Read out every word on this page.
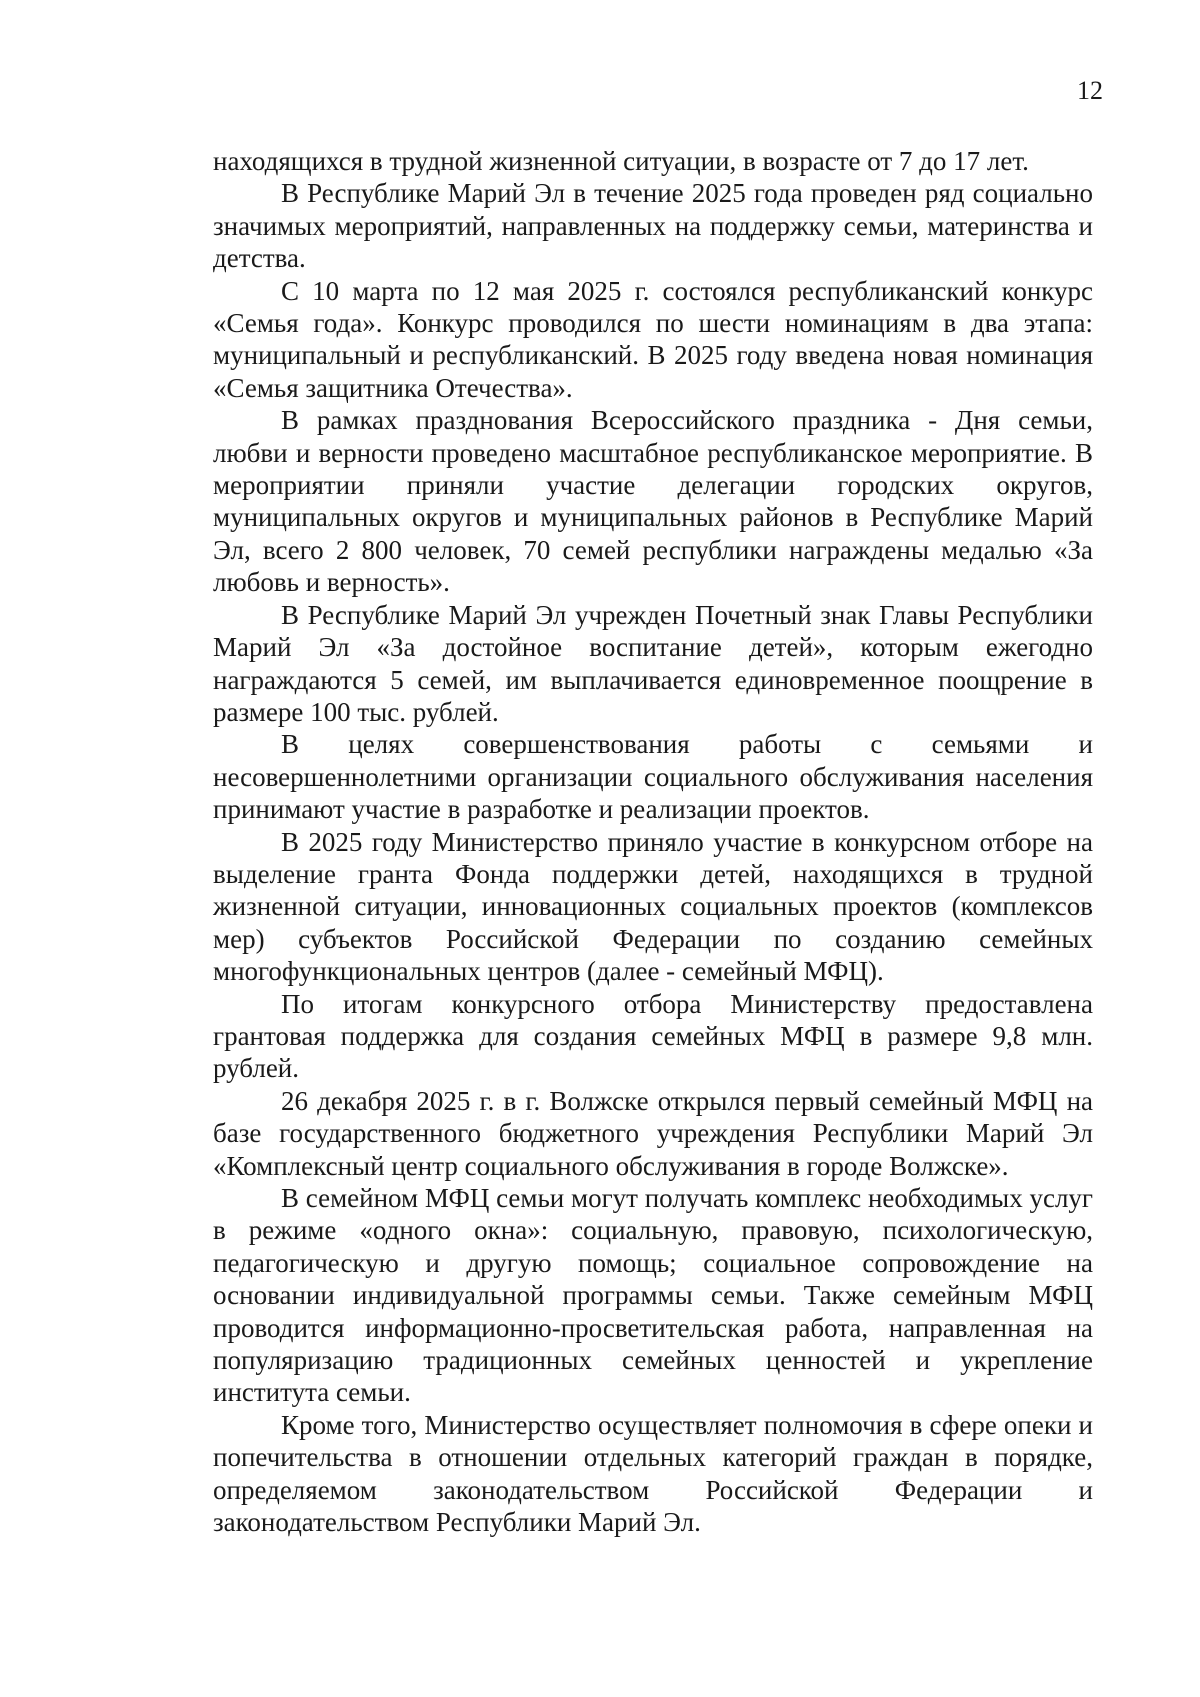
12

находящихся в трудной жизненной ситуации, в возрасте от 7 до 17 лет.

В Республике Марий Эл в течение 2025 года проведен ряд социально значимых мероприятий, направленных на поддержку семьи, материнства и детства.

С 10 марта по 12 мая 2025 г. состоялся республиканский конкурс «Семья года». Конкурс проводился по шести номинациям в два этапа: муниципальный и республиканский. В 2025 году введена новая номинация «Семья защитника Отечества».

В рамках празднования Всероссийского праздника - Дня семьи, любви и верности проведено масштабное республиканское мероприятие. В мероприятии приняли участие делегации городских округов, муниципальных округов и муниципальных районов в Республике Марий Эл, всего 2 800 человек, 70 семей республики награждены медалью «За любовь и верность».

В Республике Марий Эл учрежден Почетный знак Главы Республики Марий Эл «За достойное воспитание детей», которым ежегодно награждаются 5 семей, им выплачивается единовременное поощрение в размере 100 тыс. рублей.

В целях совершенствования работы с семьями и несовершеннолетними организации социального обслуживания населения принимают участие в разработке и реализации проектов.

В 2025 году Министерство приняло участие в конкурсном отборе на выделение гранта Фонда поддержки детей, находящихся в трудной жизненной ситуации, инновационных социальных проектов (комплексов мер) субъектов Российской Федерации по созданию семейных многофункциональных центров (далее - семейный МФЦ).

По итогам конкурсного отбора Министерству предоставлена грантовая поддержка для создания семейных МФЦ в размере 9,8 млн. рублей.

26 декабря 2025 г. в г. Волжске открылся первый семейный МФЦ на базе государственного бюджетного учреждения Республики Марий Эл «Комплексный центр социального обслуживания в городе Волжске».

В семейном МФЦ семьи могут получать комплекс необходимых услуг в режиме «одного окна»: социальную, правовую, психологическую, педагогическую и другую помощь; социальное сопровождение на основании индивидуальной программы семьи. Также семейным МФЦ проводится информационно-просветительская работа, направленная на популяризацию традиционных семейных ценностей и укрепление института семьи.

Кроме того, Министерство осуществляет полномочия в сфере опеки и попечительства в отношении отдельных категорий граждан в порядке, определяемом законодательством Российской Федерации и законодательством Республики Марий Эл.
